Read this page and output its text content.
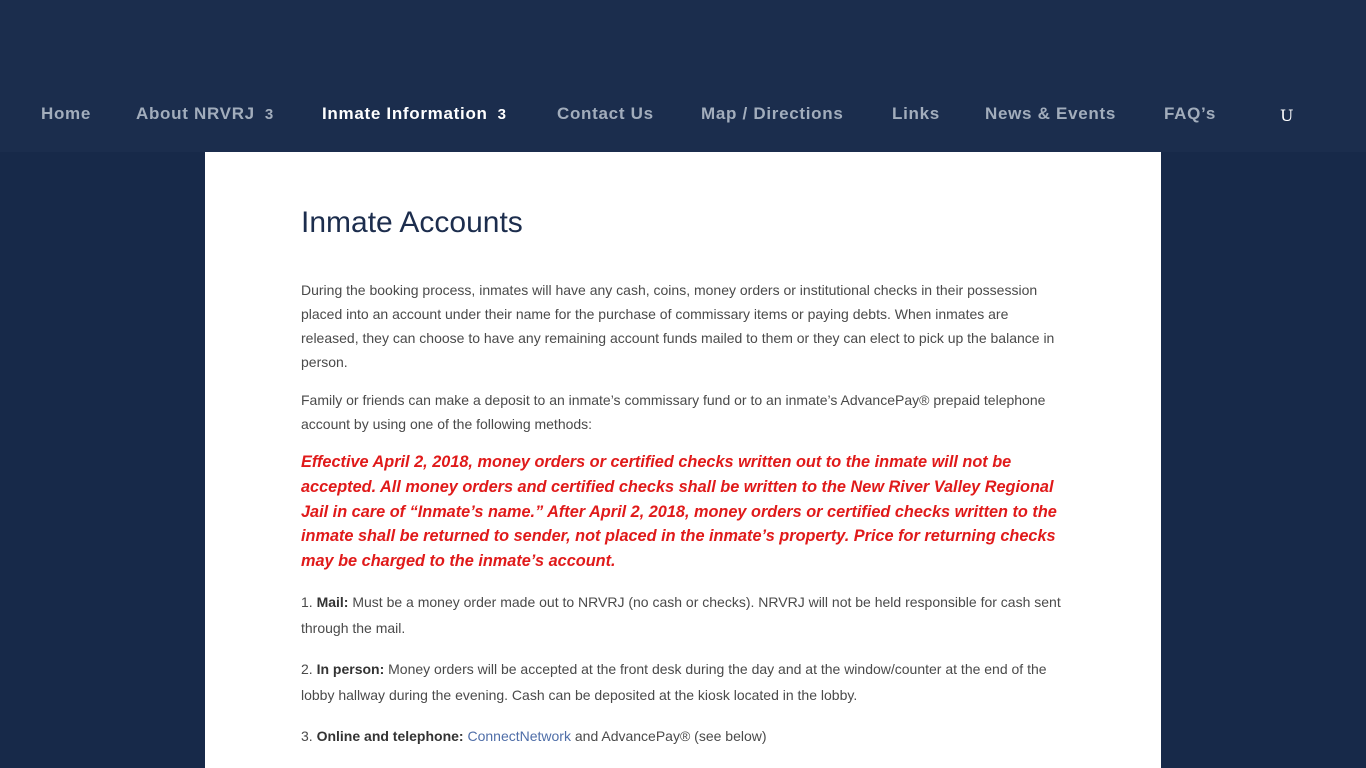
Home	About NRVRJ 3	Inmate Information 3	Contact Us	Map / Directions	Links	News & Events	FAQ’s	U
Inmate Accounts

During the booking process, inmates will have any cash, coins, money orders or institutional checks in their possession placed into an account under their name for the purchase of commissary items or paying debts. When inmates are released, they can choose to have any remaining account funds mailed to them or they can elect to pick up the balance in person.

Family or friends can make a deposit to an inmate’s commissary fund or to an inmate’s AdvancePay® prepaid telephone account by using one of the following methods:

Effective April 2, 2018, money orders or certified checks written out to the inmate will not be accepted. All money orders and certified checks shall be written to the New River Valley Regional Jail in care of “Inmate’s name.” After April 2, 2018, money orders or certified checks written to the inmate shall be returned to sender, not placed in the inmate’s property. Price for returning checks may be charged to the inmate’s account.

1. Mail: Must be a money order made out to NRVRJ (no cash or checks). NRVRJ will not be held responsible for cash sent through the mail.

2. In person: Money orders will be accepted at the front desk during the day and at the window/counter at the end of the lobby hallway during the evening. Cash can be deposited at the kiosk located in the lobby.

3. Online and telephone: ConnectNetwork and AdvancePay® (see below)
